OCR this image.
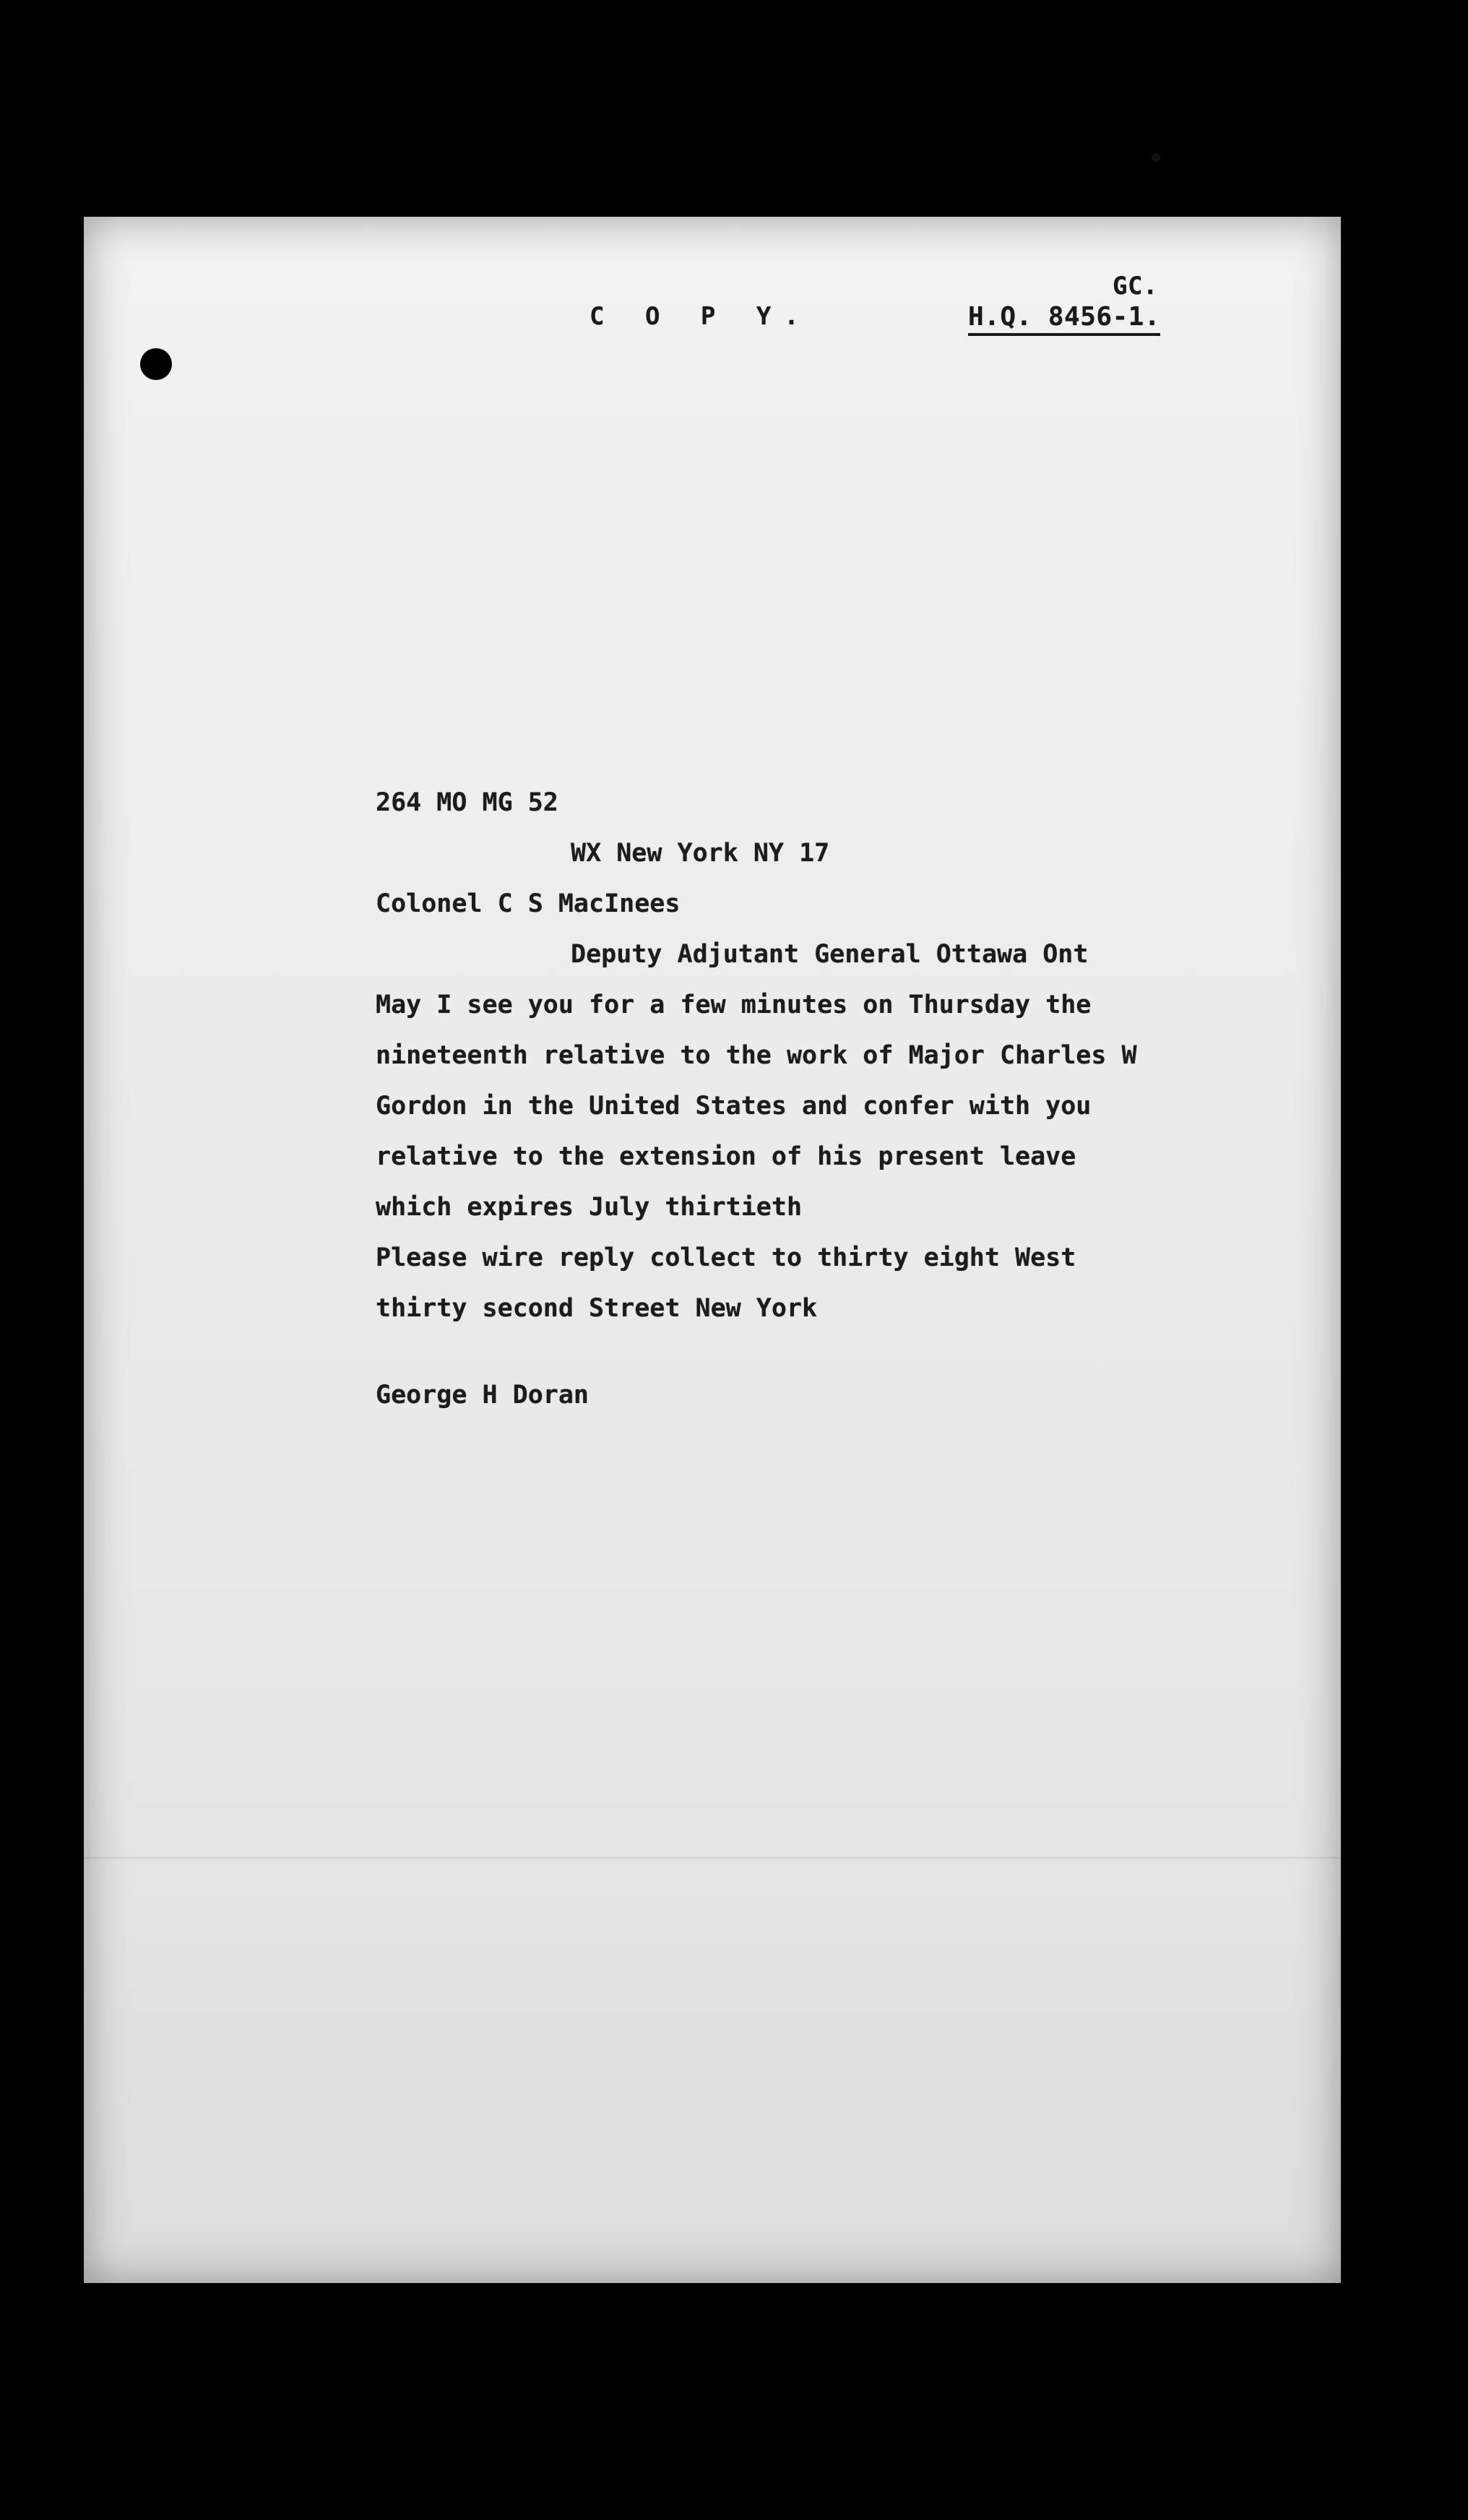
C O P Y.
GC.
H.Q. 8456-1.
264 MO MG 52
WX New York NY 17
Colonel C S MacInees
Deputy Adjutant General Ottawa Ont
May I see you for a few minutes on Thursday the
nineteenth relative to the work of Major Charles W
Gordon in the United States and confer with you
relative to the extension of his present leave
which expires July thirtieth
Please wire reply collect to thirty eight West
thirty second Street New York
George H Doran
